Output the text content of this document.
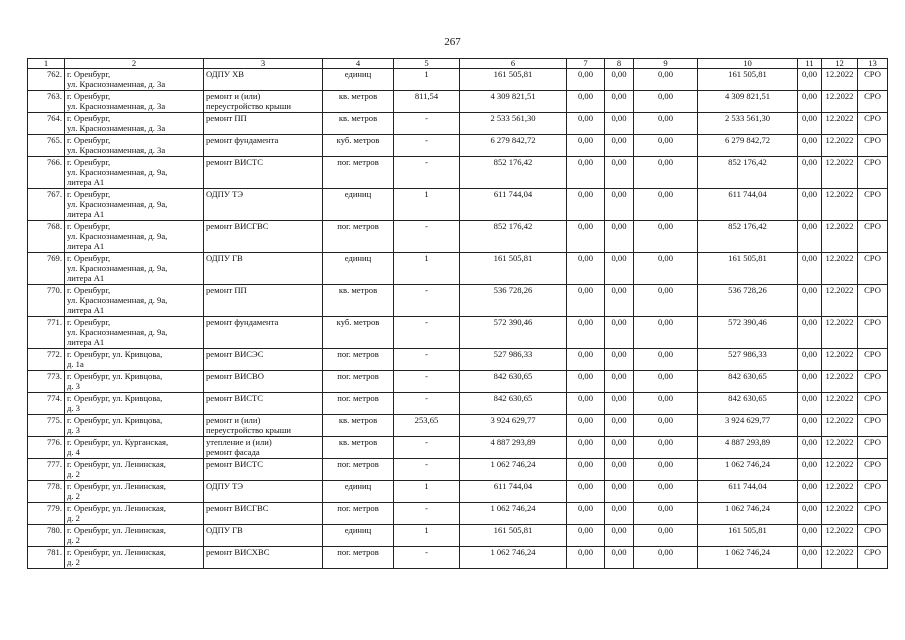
267
1	2	3	4	5	6	7	8	9	10	11	12	13
762.	г. Оренбург,
ул. Краснознаменная, д. 3а	ОДПУ ХВ	единиц	1	161 505,81	0,00	0,00	0,00	161 505,81	0,00	12.2022	СРО
763.	г. Оренбург,
ул. Краснознаменная, д. 3а	ремонт и (или)
переустройство крыши	кв. метров	811,54	4 309 821,51	0,00	0,00	0,00	4 309 821,51	0,00	12.2022	СРО
764.	г. Оренбург,
ул. Краснознаменная, д. 3а	ремонт ПП	кв. метров	-	2 533 561,30	0,00	0,00	0,00	2 533 561,30	0,00	12.2022	СРО
765.	г. Оренбург,
ул. Краснознаменная, д. 3а	ремонт фундамента	куб. метров	-	6 279 842,72	0,00	0,00	0,00	6 279 842,72	0,00	12.2022	СРО
766.	г. Оренбург,
ул. Краснознаменная, д. 9а,
литера А1	ремонт ВИСТС	пог. метров	-	852 176,42	0,00	0,00	0,00	852 176,42	0,00	12.2022	СРО
767.	г. Оренбург,
ул. Краснознаменная, д. 9а,
литера А1	ОДПУ ТЭ	единиц	1	611 744,04	0,00	0,00	0,00	611 744,04	0,00	12.2022	СРО
768.	г. Оренбург,
ул. Краснознаменная, д. 9а,
литера А1	ремонт ВИСГВС	пог. метров	-	852 176,42	0,00	0,00	0,00	852 176,42	0,00	12.2022	СРО
769.	г. Оренбург,
ул. Краснознаменная, д. 9а,
литера А1	ОДПУ ГВ	единиц	1	161 505,81	0,00	0,00	0,00	161 505,81	0,00	12.2022	СРО
770.	г. Оренбург,
ул. Краснознаменная, д. 9а,
литера А1	ремонт ПП	кв. метров	-	536 728,26	0,00	0,00	0,00	536 728,26	0,00	12.2022	СРО
771.	г. Оренбург,
ул. Краснознаменная, д. 9а,
литера А1	ремонт фундамента	куб. метров	-	572 390,46	0,00	0,00	0,00	572 390,46	0,00	12.2022	СРО
772.	г. Оренбург, ул. Кривцова,
д. 1а	ремонт ВИСЭС	пог. метров	-	527 986,33	0,00	0,00	0,00	527 986,33	0,00	12.2022	СРО
773.	г. Оренбург, ул. Кривцова,
д. 3	ремонт ВИСВО	пог. метров	-	842 630,65	0,00	0,00	0,00	842 630,65	0,00	12.2022	СРО
774.	г. Оренбург, ул. Кривцова,
д. 3	ремонт ВИСТС	пог. метров	-	842 630,65	0,00	0,00	0,00	842 630,65	0,00	12.2022	СРО
775.	г. Оренбург, ул. Кривцова,
д. 3	ремонт и (или)
переустройство крыши	кв. метров	253,65	3 924 629,77	0,00	0,00	0,00	3 924 629,77	0,00	12.2022	СРО
776.	г. Оренбург, ул. Курганская,
д. 4	утепление и (или)
ремонт фасада	кв. метров	-	4 887 293,89	0,00	0,00	0,00	4 887 293,89	0,00	12.2022	СРО
777.	г. Оренбург, ул. Ленинская,
д. 2	ремонт ВИСТС	пог. метров	-	1 062 746,24	0,00	0,00	0,00	1 062 746,24	0,00	12.2022	СРО
778.	г. Оренбург, ул. Ленинская,
д. 2	ОДПУ ТЭ	единиц	1	611 744,04	0,00	0,00	0,00	611 744,04	0,00	12.2022	СРО
779.	г. Оренбург, ул. Ленинская,
д. 2	ремонт ВИСГВС	пог. метров	-	1 062 746,24	0,00	0,00	0,00	1 062 746,24	0,00	12.2022	СРО
780.	г. Оренбург, ул. Ленинская,
д. 2	ОДПУ ГВ	единиц	1	161 505,81	0,00	0,00	0,00	161 505,81	0,00	12.2022	СРО
781.	г. Оренбург, ул. Ленинская,
д. 2	ремонт ВИСХВС	пог. метров	-	1 062 746,24	0,00	0,00	0,00	1 062 746,24	0,00	12.2022	СРО
